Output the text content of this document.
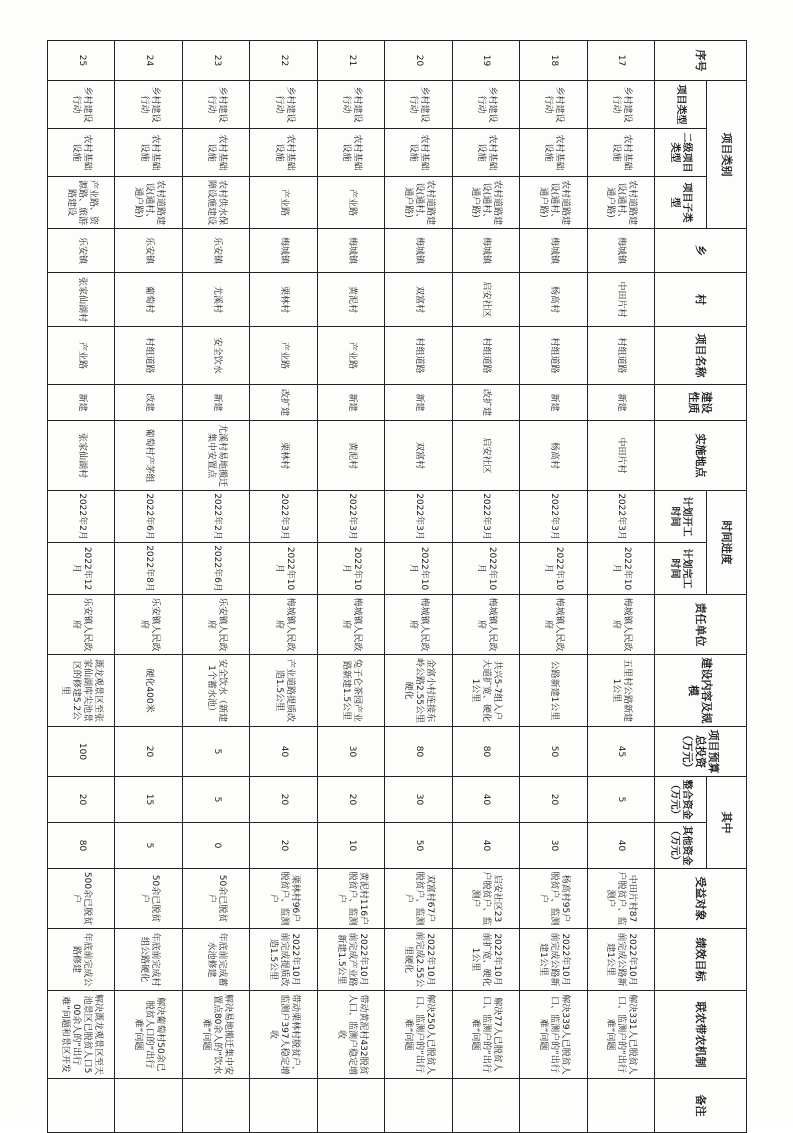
序号	项目类别			乡	村	项目名称	建设性质	实施地点	时间进度		责任单位	建设内容及规模	项目预算总投资（万元）	其中		受益对象	绩效目标	联农带农机制	备注
	项目类型	二级项目类型	项目子类型						计划开工时间	计划完工时间				整合资金（万元）	其他资金（万元）				
17	乡村建设行动	农村基础设施	农村道路建设(通村、通户路)	梅城镇	中田片村	村组道路	新建	中田片村	2022年3月	2022年10月	梅城镇人民政府	五里村公路新建1公里	45	5	40	中田片村87户脱贫户、监测户	2022年10月前完成公路新建1公里	解决331人已脱贫人口、监测户的“出行难”问题	
18	乡村建设行动	农村基础设施	农村道路建设(通村、通户路)	梅城镇	杨高村	村组道路	新建	杨高村	2022年3月	2022年10月	梅城镇人民政府	公路新建1公里	50	20	30	杨高村95户脱贫户、监测户	2022年10月前完成公路新建1公里	解决339人已脱贫人口、监测户的“出行难”问题	
19	乡村建设行动	农村基础设施	农村道路建设(通村、通户路)	梅城镇	启安社区	村组道路	改扩建	启安社区	2022年3月	2022年10月	梅城镇人民政府	共兴5-7组入户大道扩宽、硬化1公里	80	40	40	启安社区23户脱贫户、监测户	2022年10月前扩宽、硬化1公里	解决77人已脱贫人口、监测户的“出行难”问题	
20	乡村建设行动	农村基础设施	农村道路建设(通村、通户路)	梅城镇	双富村	村组道路	新建	双富村	2022年3月	2022年10月	梅城镇人民政府	金富小村连接东岭公路2.55公里硬化	80	30	50	双富村67户脱贫户、监测户	2022年10月前完成2.55公里硬化	解决250人已脱贫人口、监测户的“出行难”问题	
21	乡村建设行动	农村基础设施	产业路	梅城镇	黄泥村	产业路	新建	黄泥村	2022年3月	2022年10月	梅城镇人民政府	兔子仑茶园产业路新建1.5公里	30	20	10	黄泥村116户脱贫户、监测户	2022年10月前完成产业路新建1.5公里	带动黄泥村432脱贫人口、监测户稳定增收	
22	乡村建设行动	农村基础设施	产业路	梅城镇	栗林村	产业路	改扩建	栗林村	2022年3月	2022年10月	梅城镇人民政府	产业道路提质改造1.5公里	40	20	20	栗林村96户脱贫户、监测户	2022年10月前完成提质改造1.5公里	带动栗林村脱贫户、监测户397人稳定增收	
23	乡村建设行动	农村基础设施	农村供水保障设施建设	乐安镇	尤溪村	安全饮水	新建	尤溪村易地搬迁集中安置点	2022年2月	2022年6月	乐安镇人民政府	安全饮水（新建1个蓄水池）	5	5	0	50余已脱贫户	年底前完成蓄水池修建	解决易地搬迁集中安置点80余人的“饮水难”问题	
24	乡村建设行动	农村基础设施	农村道路建设(通村、通户路)	乐安镇	葡萄村	村组道路	改建	葡萄村产茅组	2022年6月	2022年8月	乐安镇人民政府	硬化400米	20	15	5	50余已脱贫户	年底前完成村组公路硬化	解决葡萄村50余已脱贫人口的“出行难”问题	
25	乡村建设行动	农村基础设施	产业路、资源路、旅游路建设	乐安镇	张家仙湖村	产业路	新建	张家仙湖村	2022年2月	2022年12月	乐安镇人民政府	溉龙观景区至张家仙湖库尖池景区的修建5.2公里	100	20	80	500余已脱贫户	年底前完成公路修建	解决溉龙观景区至天池景区已脱贫人口500余人的“出行难”问题和景区开发	
